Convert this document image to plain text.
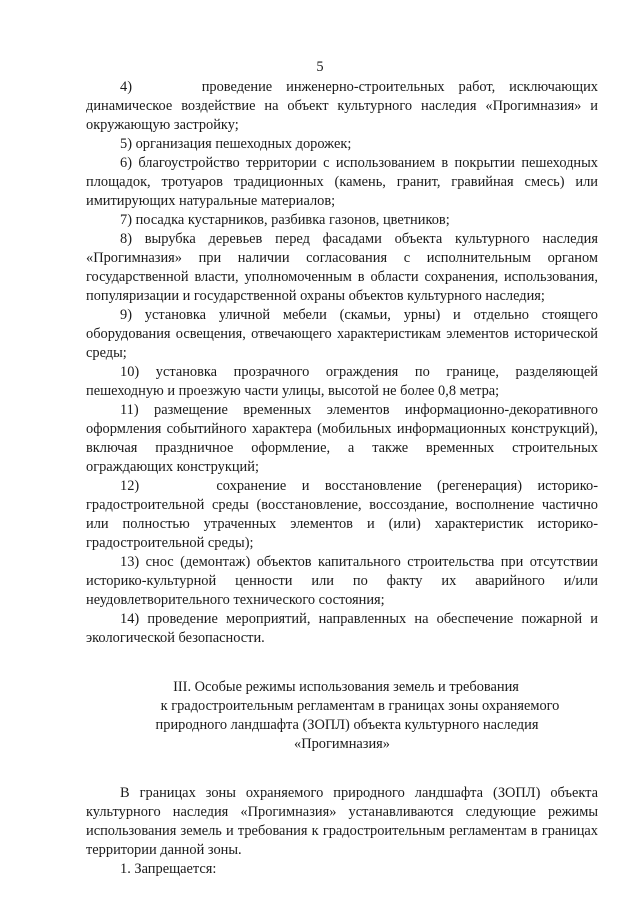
5

4)     проведение инженерно-строительных работ, исключающих динамическое воздействие на объект культурного наследия «Прогимназия» и окружающую застройку;

5) организация пешеходных дорожек;

6) благоустройство территории с использованием в покрытии пешеходных площадок, тротуаров традиционных (камень, гранит, гравийная смесь) или имитирующих натуральные материалов;

7) посадка кустарников, разбивка газонов, цветников;

8) вырубка деревьев перед фасадами объекта культурного наследия «Прогимназия» при наличии согласования с исполнительным органом государственной власти, уполномоченным в области сохранения, использования, популяризации и государственной охраны объектов культурного наследия;

9) установка уличной мебели (скамьи, урны) и отдельно стоящего оборудования освещения, отвечающего характеристикам элементов исторической среды;

10) установка прозрачного ограждения по границе, разделяющей пешеходную и проезжую части улицы, высотой не более 0,8 метра;

11) размещение временных элементов информационно-декоративного оформления событийного характера (мобильных информационных конструкций), включая праздничное оформление, а также временных строительных ограждающих конструкций;

12)     сохранение и восстановление (регенерация) историко-градостроительной среды (восстановление, воссоздание, восполнение частично или полностью утраченных элементов и (или) характеристик историко-градостроительной среды);

13) снос (демонтаж) объектов капитального строительства при отсутствии историко-культурной ценности или по факту их аварийного и/или неудовлетворительного технического состояния;

14) проведение мероприятий, направленных на обеспечение пожарной и экологической безопасности.

III. Особые режимы использования земель и требования
к градостроительным регламентам в границах зоны охраняемого
природного ландшафта (ЗОПЛ) объекта культурного наследия
«Прогимназия»

В границах зоны охраняемого природного ландшафта (ЗОПЛ) объекта культурного наследия «Прогимназия» устанавливаются следующие режимы использования земель и требования к градостроительным регламентам в границах территории данной зоны.

1. Запрещается:
